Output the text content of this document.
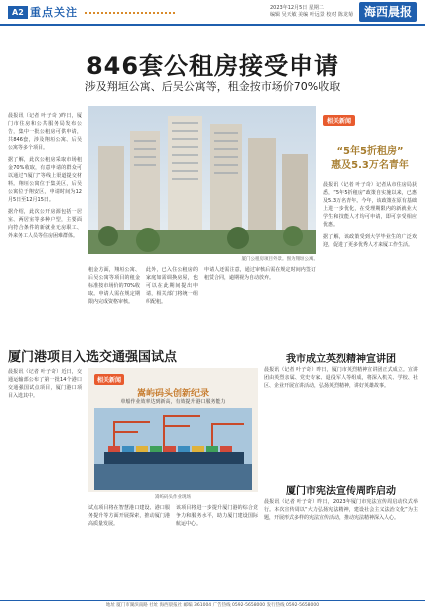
A2 重点关注	2023年12月5日 星期二
编辑 吴天敏 美编 叶远景 校对 陈龙菊 海西晨报
846套公租房接受申请
涉及翔垣公寓、后吴公寓等，租金按市场价70%收取

晨报讯（记者 叶子奇 )昨日，厦门市住房和公共服务局发布公告，集中一批公租房可供申请，共846套，涉及翔垣公寓、后吴公寓等多个项目。

据了解，此次公租房采取市场租金70%收取，有意申请的群众可以通过“i厦门”等线上渠道提交材料。翔垣公寓位于集美区，后吴公寓位于翔安区，申请时间为12月5日至12月15日。

据介绍，此次公开房源包括一居室、两居室等多种户型，主要面向符合条件的新就业无房职工、外来务工人员等住房困难群体。

厦门公租房项目外景。图为翔垣公寓。
租金方面，翔垣公寓、后吴公寓等项目的租金标准按市场价的70%收取。申请人需在规定期限内完成资格审核。
此外，已入住公租房的家庭如需调换房屋，也可以在此期间提出申请，相关部门将统一组织配租。
申请人还需注意，通过审核后需在规定时间内签订租赁合同，逾期视为自动放弃。
相关新闻
“5年5折租房”
惠及5.3万名青年
晨报讯（记者 叶子奇）记者从市住房局获悉，“5年5折租房”政策自实施以来，已惠及5.3万名青年。今年，该政策在原有基础上进一步优化，在受理期限内的新就业大学生和技能人才均可申请，即可享受相应优惠。
据了解，该政策受到大学毕业生的广泛欢迎，促进了更多优秀人才来厦工作生活。
厦门港项目入选交通强国试点
晨报讯（记者 叶子奇）近日，交通运输部公布了第一批14个港口交通强国试点项目，厦门港口项目入选其中。
相关新闻
嵩屿码头创新纪录
单船作业效率达到新高，有效提升港口服务能力
嵩屿码头作业现场
试点项目将在智慧港口建设、港口服务提升等方面开展探索，推动厦门港高质量发展。
该项目将进一步提升厦门港的综合竞争力和服务水平，助力厦门建设国际航运中心。
我市成立英烈精神宣讲团
晨报讯（记者 叶子奇）昨日，厦门市英烈精神宣讲团正式成立。宣讲团由英烈亲属、党史专家、退役军人等组成，将深入机关、学校、社区、企业开展宣讲活动，弘扬英烈精神，讲好英雄故事。
厦门市宪法宣传周昨启动
晨报讯（记者 叶子奇）昨日，2023年厦门市宪法宣传周启动仪式举行。本次宣传周以“大力弘扬宪法精神，建设社会主义法治文化”为主题，开展形式多样的宪法宣传活动，推动宪法精神深入人心。
地址 厦门市湖滨南路 社址 海西晨报社 邮编 361004 广告热线 0592-5658000 发行热线 0592-5658000
